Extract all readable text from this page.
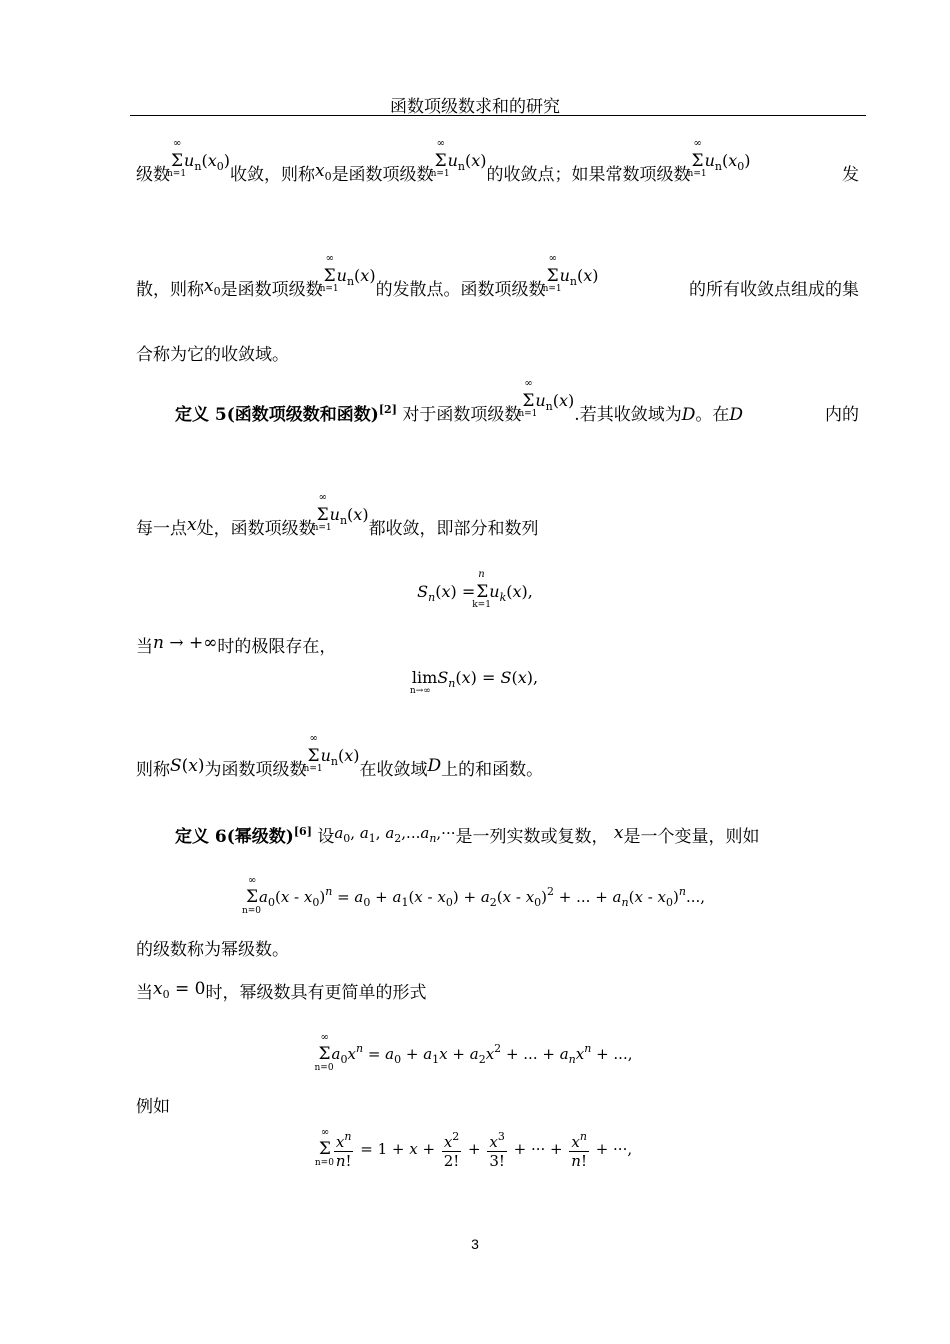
函数项级数求和的研究
级数
∞
Σ
n=1
$u_n(x_0)$收敛，则称$x_0$是函数项级数
∞
Σ
n=1
$u_n(x)$的收敛点；如果常数项级数
∞
Σ
n=1
$u_n(x_0)$
发
散，则称$x_0$是函数项级数
∞
Σ
n=1
$u_n(x)$的发散点。函数项级数
∞
Σ
n=1
$u_n(x)$
的所有收敛点组成的集
合称为它的收敛域。
定义 5(函数项级数和函数)[2] 对于函数项级数
∞
Σ
n=1
$u_n(x)$.若其收敛域为D。在D	内的
每一点x处，函数项级数
∞
Σ
n=1
$u_n(x)$都收敛，即部分和数列
$S_n(x)$ =
n
Σ
k=1
$u_k(x)$,
当n → +∞时的极限存在，
lim
n→∞
$S_n(x) = S(x)$,
则称S(x)为函数项级数
∞
Σ
n=1
$u_n(x)$在收敛域D上的和函数。
定义 6(幂级数)[6] 设$a_0$, $a_1$, $a_2,...a_n,\cdot\cdot\cdot$是一列实数或复数， x是一个变量，则如
∞
Σ
n=0
$a_0(x - x_0)^n = a_0 + a_1(x - x_0) + a_2(x - x_0)^2$ + ... + $a_n(x - x_0)^n$...,
的级数称为幂级数。
当$x_0 = 0$时，幂级数具有更简单的形式
∞
Σ
n=0
$a_0x^n = a_0 + a_1x + a_2x^2$ + ... + $a_nx^n$ + ...,
例如
∞
Σ
$n=0 \frac{x^n}{n!} = 1 + x + \frac{x^2}{2!} + \frac{x^3}{3!}$ + ··· + $\frac{x^n}{n!}$ + ···,
3
